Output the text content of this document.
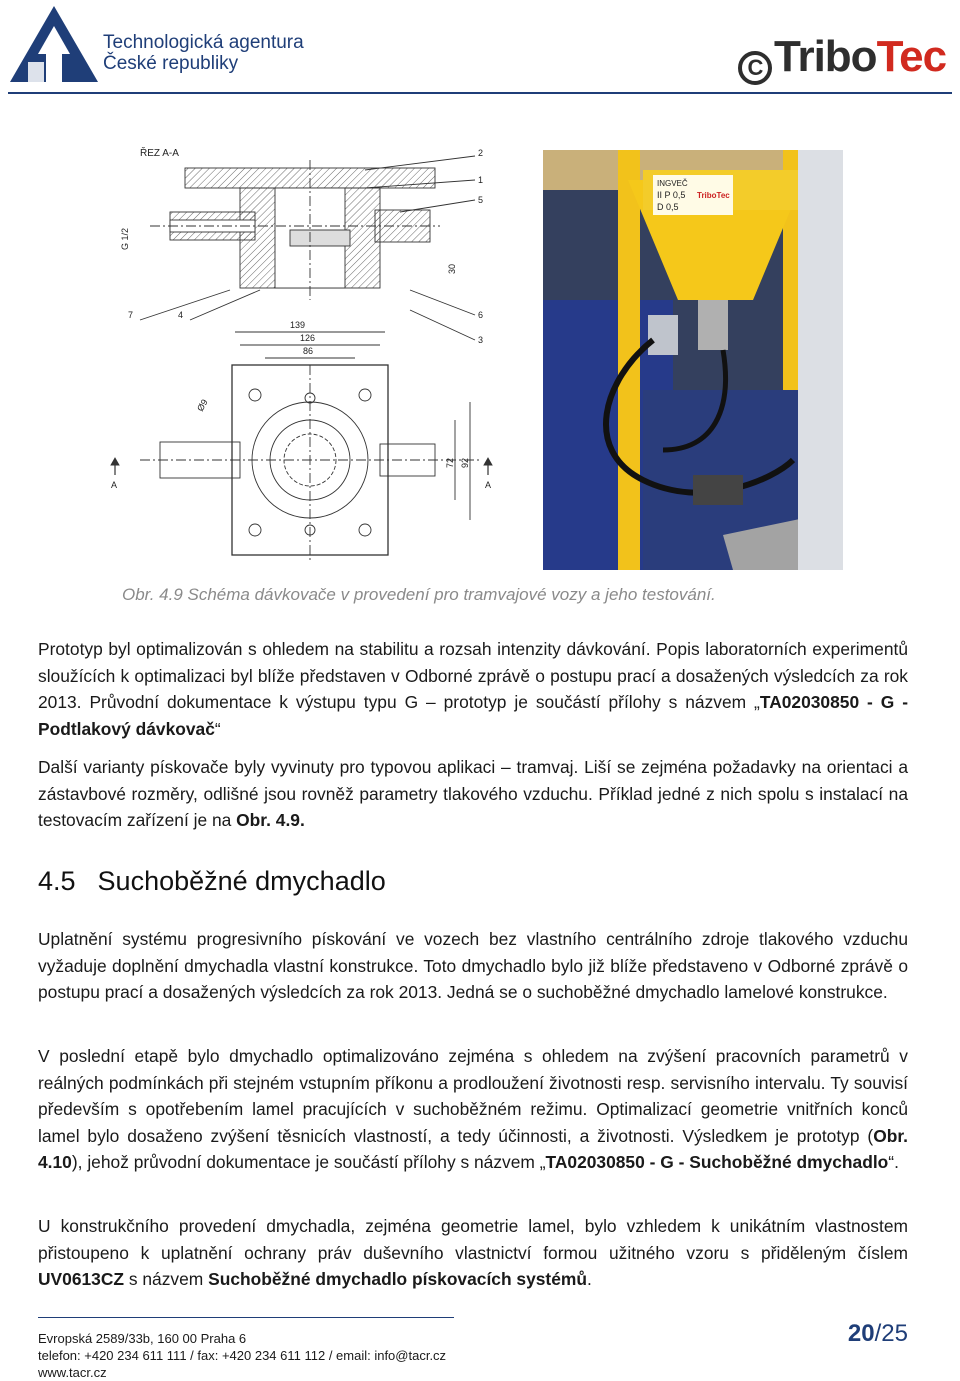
Technologická agentura
České republiky	C TriboTec
ŘEZ A-A
G 1/2
2
1
5
30
7	4	6
3
139
126
86
Ø9
72 92
A	A
INGVEČ
II P 0,5
D 0,5
TriboTec
Obr. 4.9 Schéma dávkovače v provedení pro tramvajové vozy a jeho testování.
Prototyp byl optimalizován s ohledem na stabilitu a rozsah intenzity dávkování. Popis laboratorních experimentů sloužících k optimalizaci byl blíže představen v Odborné zprávě o postupu prací a dosažených výsledcích za rok 2013. Průvodní dokumentace k výstupu typu G – prototyp je součástí přílohy s názvem „TA02030850 - G - Podtlakový dávkovač“
Další varianty pískovače byly vyvinuty pro typovou aplikaci – tramvaj. Liší se zejména požadavky na orientaci a zástavbové rozměry, odlišné jsou rovněž parametry tlakového vzduchu. Příklad jedné z nich spolu s instalací na testovacím zařízení je na Obr. 4.9.
4.5 Suchoběžné dmychadlo
Uplatnění systému progresivního pískování ve vozech bez vlastního centrálního zdroje tlakového vzduchu vyžaduje doplnění dmychadla vlastní konstrukce. Toto dmychadlo bylo již blíže představeno v Odborné zprávě o postupu prací a dosažených výsledcích za rok 2013. Jedná se o suchoběžné dmychadlo lamelové konstrukce.
V poslední etapě bylo dmychadlo optimalizováno zejména s ohledem na zvýšení pracovních parametrů v reálných podmínkách při stejném vstupním příkonu a prodloužení životnosti resp. servisního intervalu. Ty souvisí především s opotřebením lamel pracujících v suchoběžném režimu. Optimalizací geometrie vnitřních konců lamel bylo dosaženo zvýšení těsnicích vlastností, a tedy účinnosti, a životnosti. Výsledkem je prototyp (Obr. 4.10), jehož průvodní dokumentace je součástí přílohy s názvem „TA02030850 - G - Suchoběžné dmychadlo“.
U konstrukčního provedení dmychadla, zejména geometrie lamel, bylo vzhledem k unikátním vlastnostem přistoupeno k uplatnění ochrany práv duševního vlastnictví formou užitného vzoru s přiděleným číslem UV0613CZ s názvem Suchoběžné dmychadlo pískovacích systémů.
Evropská 2589/33b, 160 00 Praha 6
telefon: +420 234 611 111 / fax: +420 234 611 112 / email: info@tacr.cz
www.tacr.cz
20/25
